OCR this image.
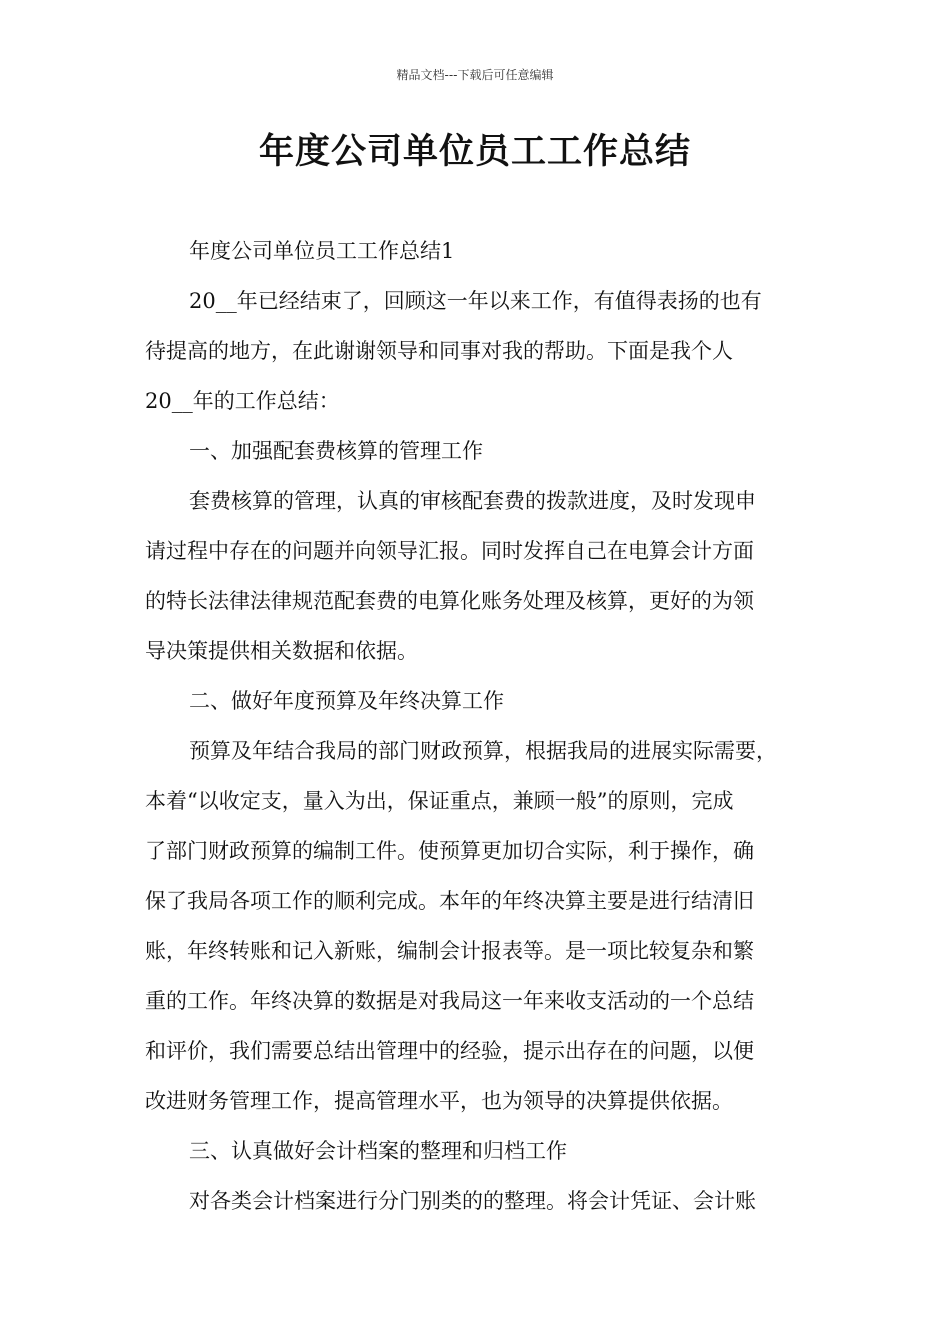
精品文档---下载后可任意编辑
年度公司单位员工工作总结
年度公司单位员工工作总结1
20__年已经结束了，回顾这一年以来工作，有值得表扬的也有
待提高的地方，在此谢谢领导和同事对我的帮助。下面是我个人
20__年的工作总结：
一、加强配套费核算的管理工作
套费核算的管理，认真的审核配套费的拨款进度，及时发现申
请过程中存在的问题并向领导汇报。同时发挥自己在电算会计方面
的特长法律法律规范配套费的电算化账务处理及核算，更好的为领
导决策提供相关数据和依据。
二、做好年度预算及年终决算工作
预算及年结合我局的部门财政预算，根据我局的进展实际需要，
本着“以收定支，量入为出，保证重点，兼顾一般”的原则，完成
了部门财政预算的编制工件。使预算更加切合实际，利于操作，确
保了我局各项工作的顺利完成。本年的年终决算主要是进行结清旧
账，年终转账和记入新账，编制会计报表等。是一项比较复杂和繁
重的工作。年终决算的数据是对我局这一年来收支活动的一个总结
和评价，我们需要总结出管理中的经验，提示出存在的问题，以便
改进财务管理工作，提高管理水平，也为领导的决算提供依据。
三、认真做好会计档案的整理和归档工作
对各类会计档案进行分门别类的的整理。将会计凭证、会计账
